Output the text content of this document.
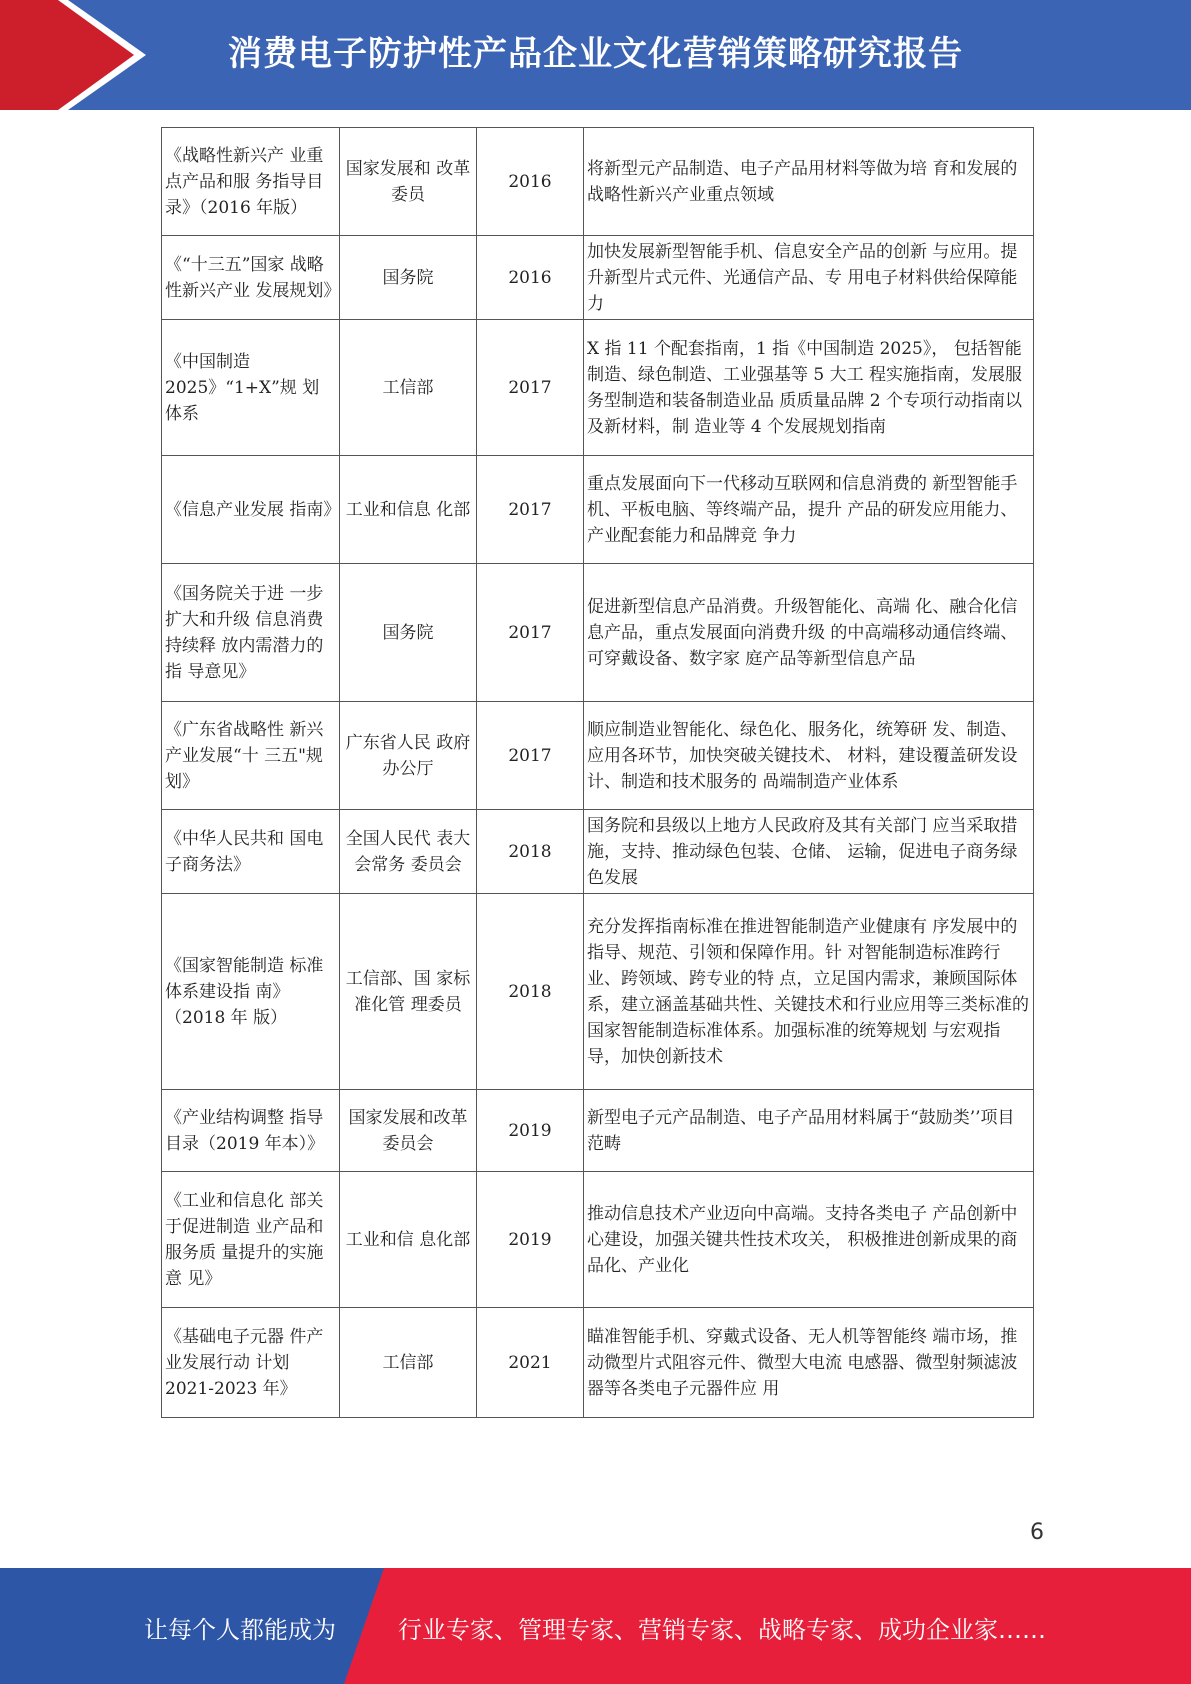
消费电子防护性产品企业文化营销策略研究报告
《战略性新兴产 业重点产品和服 务指导目录》（2016 年版）	国家发展和 改革委员	2016	将新型元产品制造、电子产品用材料等做为培 育和发展的战略性新兴产业重点领域
《“十三五”国家 战略性新兴产业 发展规划》	国务院	2016	加快发展新型智能手机、信息安全产品的创新 与应用。提升新型片式元件、光通信产品、专 用电子材料供给保障能力
《中国制造 2025》“1+X”规 划体系	工信部	2017	X 指 11 个配套指南，1 指《中国制造 2025》， 包括智能制造、绿色制造、工业强基等 5 大工 程实施指南，发展服务型制造和装备制造业品 质质量品牌 2 个专项行动指南以及新材料，制 造业等 4 个发展规划指南
《信息产业发展 指南》	工业和信息 化部	2017	重点发展面向下一代移动互联网和信息消费的 新型智能手机、平板电脑、等终端产品，提升 产品的研发应用能力、产业配套能力和品牌竞 争力
《国务院关于进 一步扩大和升级 信息消费持续释 放内需潜力的指 导意见》	国务院	2017	促进新型信息产品消费。升级智能化、高端 化、融合化信息产品，重点发展面向消费升级 的中高端移动通信终端、可穿戴设备、数字家 庭产品等新型信息产品
《广东省战略性 新兴产业发展“十 三五"规划》	广东省人民 政府办公厅	2017	顺应制造业智能化、绿色化、服务化，统筹研 发、制造、应用各环节，加快突破关键技术、 材料，建设覆盖研发设计、制造和技术服务的 咼端制造产业体系
《中华人民共和 国电子商务法》	全国人民代 表大会常务 委员会	2018	国务院和县级以上地方人民政府及其有关部门 应当采取措施，支持、推动绿色包装、仓储、 运输，促进电子商务绿色发展
《国家智能制造 标准体系建设指 南》（2018 年 版）	工信部、国 家标准化管 理委员	2018	充分发挥指南标准在推进智能制造产业健康有 序发展中的指导、规范、引领和保障作用。针 对智能制造标准跨行业、跨领域、跨专业的特 点，立足国内需求，兼顾国际体系，建立涵盖基础共性、关键技术和行业应用等三类标准的 国家智能制造标准体系。加强标准的统筹规划 与宏观指导，加快创新技术
《产业结构调整 指导目录（2019 年本）》	国家发展和改革委员会	2019	新型电子元产品制造、电子产品用材料属于“鼓励类’’项目范畴
《工业和信息化 部关于促进制造 业产品和服务质 量提升的实施意 见》	工业和信 息化部	2019	推动信息技术产业迈向中高端。支持各类电子 产品创新中心建设，加强关键共性技术攻关， 积极推进创新成果的商品化、产业化
《基础电子元器 件产业发展行动 计划 2021-2023 年》	工信部	2021	瞄准智能手机、穿戴式设备、无人机等智能终 端市场，推动微型片式阻容元件、微型大电流 电感器、微型射频滤波器等各类电子元器件应 用
6
让每个人都能成为	行业专家、管理专家、营销专家、战略专家、成功企业家……
